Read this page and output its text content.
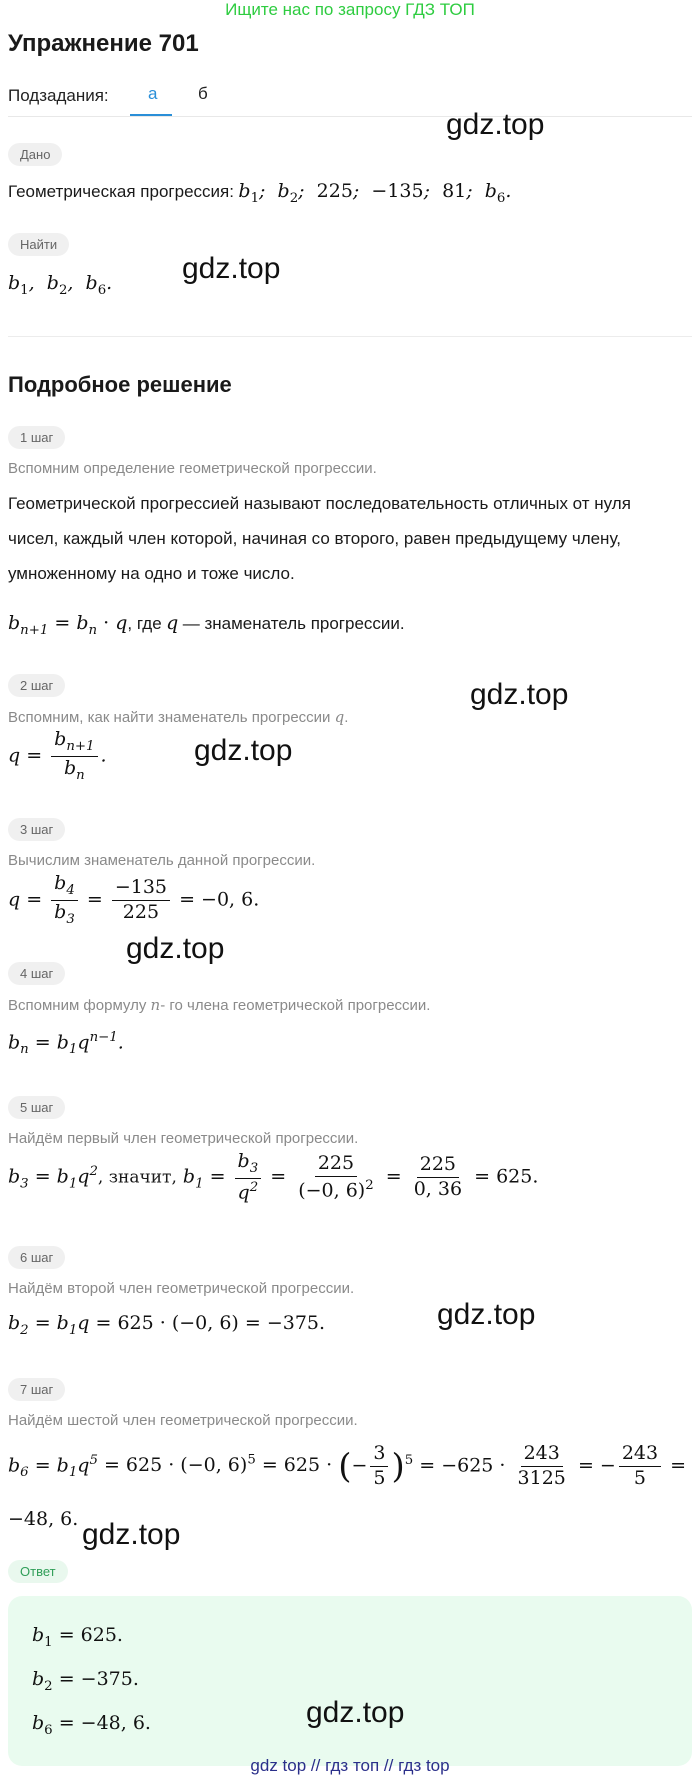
Ищите нас по запросу ГДЗ ТОП
Упражнение 701
Подзадания: а б
Дано
Геометрическая прогрессия: $b_1$;  $b_2$;  225;  −135;  81;  $b_6$.
Найти
$b_1$,  $b_2$,  $b_6$.
Подробное решение
1 шаг
Вспомним определение геометрической прогрессии.
Геометрической прогрессией называют последовательность отличных от нуля
чисел, каждый член которой, начиная со второго, равен предыдущему члену,
умноженному на одно и тоже число.
$b_{n+1} = b_n \cdot q$, где q — знаменатель прогрессии.
2 шаг
Вспомним, как найти знаменатель прогрессии q.
$q = \frac{b_{n+1}}{b_n}$ .
3 шаг
Вычислим знаменатель данной прогрессии.
$q = \frac{b_4}{b_3} = \frac{-135}{225} = -0$, 6.
4 шаг
Вспомним формулу n- го члена геометрической прогрессии.
$b_n = b_1q^{n-1}$.
5 шаг
Найдём первый член геометрической прогрессии.
$b_3 = b_1q^2$, значит, $b_1 = \frac{b_3}{q^2} = \frac{225}{(-0, 6)^2} = \frac{225}{0, 36} = 625$.
6 шаг
Найдём второй член геометрической прогрессии.
$b_2 = b_1q = 625 \cdot (-0$, 6) = −375.
7 шаг
Найдём шестой член геометрической прогрессии.
$b_6 = b_1q^5 = 625 \cdot (-0$, 6)$^5$ = 625 · (− $\frac{3}{5} )^5 = -625 \cdot \frac{243}{3125}$ = − $\frac{243}{5}$ =
−48, 6.
Ответ
$b_1 = 625$.
$b_2 = -375$.
$b_6 = -48$, 6.
gdz.top
gdz.top
gdz.top
gdz.top
gdz.top
gdz.top
gdz.top
gdz.top
gdz top // гдз топ // гдз top
